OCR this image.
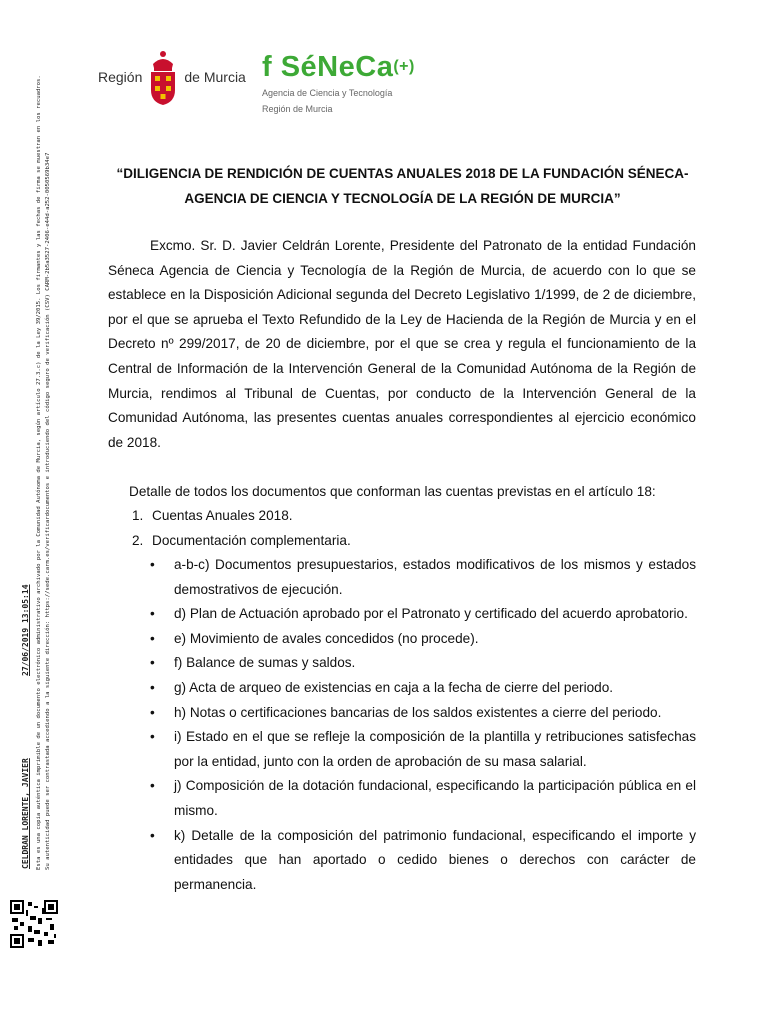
Región	de Murcia f SéNeCa(+)
Agencia de Ciencia y Tecnología
Región de Murcia
27/06/2019 13:05:14
CELDRAN LORENTE, JAVIER Esta es una copia auténtica imprimible de un documento electrónico administrativo archivado por la Comunidad Autónoma de Murcia, según artículo 27.3.c) de la Ley 39/2015. Los firmantes y las fechas de firma se muestran en los recuadros. Su autenticidad puede ser contrastada accediendo a la siguiente dirección: https://sede.carm.es/verificardocumentos e introduciendo del código seguro de verificación (CSV) CARM-2b5a3527-2406-e44d-a252-0050569b34e7	“DILIGENCIA DE RENDICIÓN DE CUENTAS ANUALES 2018 DE LA FUNDACIÓN SÉNECA-AGENCIA DE CIENCIA Y TECNOLOGÍA DE LA REGIÓN DE MURCIA”

Excmo. Sr. D. Javier Celdrán Lorente, Presidente del Patronato de la entidad Fundación Séneca Agencia de Ciencia y Tecnología de la Región de Murcia, de acuerdo con lo que se establece en la Disposición Adicional segunda del Decreto Legislativo 1/1999, de 2 de diciembre, por el que se aprueba el Texto Refundido de la Ley de Hacienda de la Región de Murcia y en el Decreto nº 299/2017, de 20 de diciembre, por el que se crea y regula el funcionamiento de la Central de Información de la Intervención General de la Comunidad Autónoma de la Región de Murcia, rendimos al Tribunal de Cuentas, por conducto de la Intervención General de la Comunidad Autónoma, las presentes cuentas anuales correspondientes al ejercicio económico de 2018.

Detalle de todos los documentos que conforman las cuentas previstas en el artículo 18:
1. Cuentas Anuales 2018.
2. Documentación complementaria.
•	a-b-c) Documentos presupuestarios, estados modificativos de los mismos y estados demostrativos de ejecución.
•	d) Plan de Actuación aprobado por el Patronato y certificado del acuerdo aprobatorio.
•	e) Movimiento de avales concedidos (no procede).
•	f) Balance de sumas y saldos.
•	g) Acta de arqueo de existencias en caja a la fecha de cierre del periodo.
•	h) Notas o certificaciones bancarias de los saldos existentes a cierre del periodo.
•	i) Estado en el que se refleje la composición de la plantilla y retribuciones satisfechas por la entidad, junto con la orden de aprobación de su masa salarial.
•	j) Composición de la dotación fundacional, especificando la participación pública en el mismo.
•	k) Detalle de la composición del patrimonio fundacional, especificando el importe y entidades que han aportado o cedido bienes o derechos con carácter de permanencia.
